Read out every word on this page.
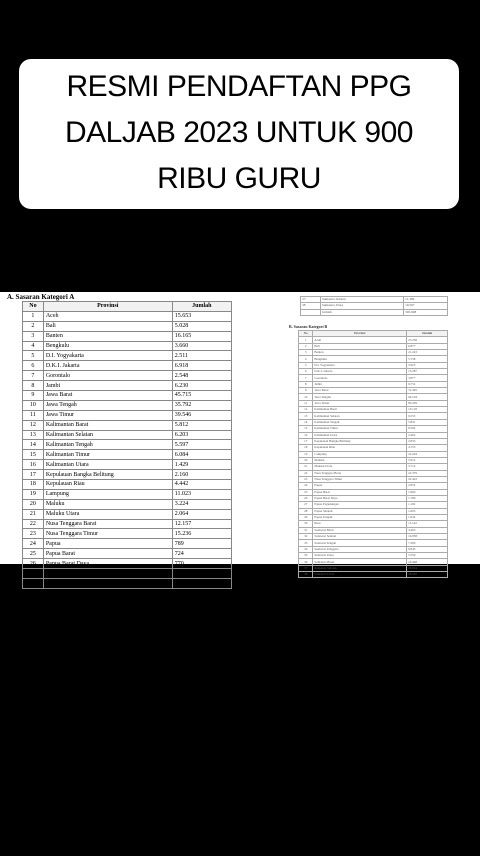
RESMI PENDAFTAN PPG
DALJAB 2023 UNTUK 900
RIBU GURU
A. Sasaran Kategori A
No	Provinsi	Jumlah
1	Aceh	15.653
2	Bali	5.028
3	Banten	16.165
4	Bengkulu	3.660
5	D.I. Yogyakarta	2.511
6	D.K.I. Jakarta	6.918
7	Gorontalo	2.548
8	Jambi	6.230
9	Jawa Barat	45.715
10	Jawa Tengah	35.792
11	Jawa Timur	39.546
12	Kalimantan Barat	5.812
13	Kalimantan Selatan	6.203
14	Kalimantan Tengah	5.597
15	Kalimantan Timur	6.084
16	Kalimantan Utara	1.429
17	Kepulauan Bangka Belitung	2.160
18	Kepulauan Riau	4.442
19	Lampung	11.023
20	Maluku	3.224
21	Maluku Utara	2.064
22	Nusa Tenggara Barat	12.157
23	Nusa Tenggara Timur	15.236
24	Papua	789
25	Papua Barat	724
26	Papua Barat Daya	770
27	Papua Pegunungan	272
28	Papua Selatan	528
37	Sumatera Selatan	11.384
38	Sumatera Utara	19.567
	Jumlah	393.698
B. Sasaran Kategori B
No	Provinsi	Jumlah
1	Aceh	23.258
2	Bali	6.877
3	Banten	21.243
4	Bengkulu	5.758
5	D.I. Yogyakarta	3.925
6	D.K.I. Jakarta	13.287
7	Gorontalo	3.877
8	Jambi	9.752
9	Jawa Barat	72.465
10	Jawa Tengah	69.104
11	Jawa Timur	86.459
12	Kalimantan Barat	10.118
13	Kalimantan Selatan	9.555
14	Kalimantan Tengah	5.841
15	Kalimantan Timur	8.592
16	Kalimantan Utara	2.402
17	Kepulauan Bangka Belitung	2.833
18	Kepulauan Riau	4.753
19	Lampung	22.204
20	Maluku	5.014
21	Maluku Utara	3.714
22	Nusa Tenggara Barat	22.379
23	Nusa Tenggara Timur	22.422
24	Papua	2.874
25	Papua Barat	1.860
26	Papua Barat Daya	1.780
27	Papua Pegunungan	1.102
28	Papua Selatan	1.003
29	Papua Tengah	1.024
30	Riau	15.142
31	Sulawesi Barat	4.463
32	Sulawesi Selatan	16.858
33	Sulawesi Tengah	7.306
34	Sulawesi Tenggara	9.843
35	Sulawesi Utara	5.550
36	Sumatera Barat	16.468
37	Sumatera Selatan	20.604
38	Sumatera Utara	38.009
